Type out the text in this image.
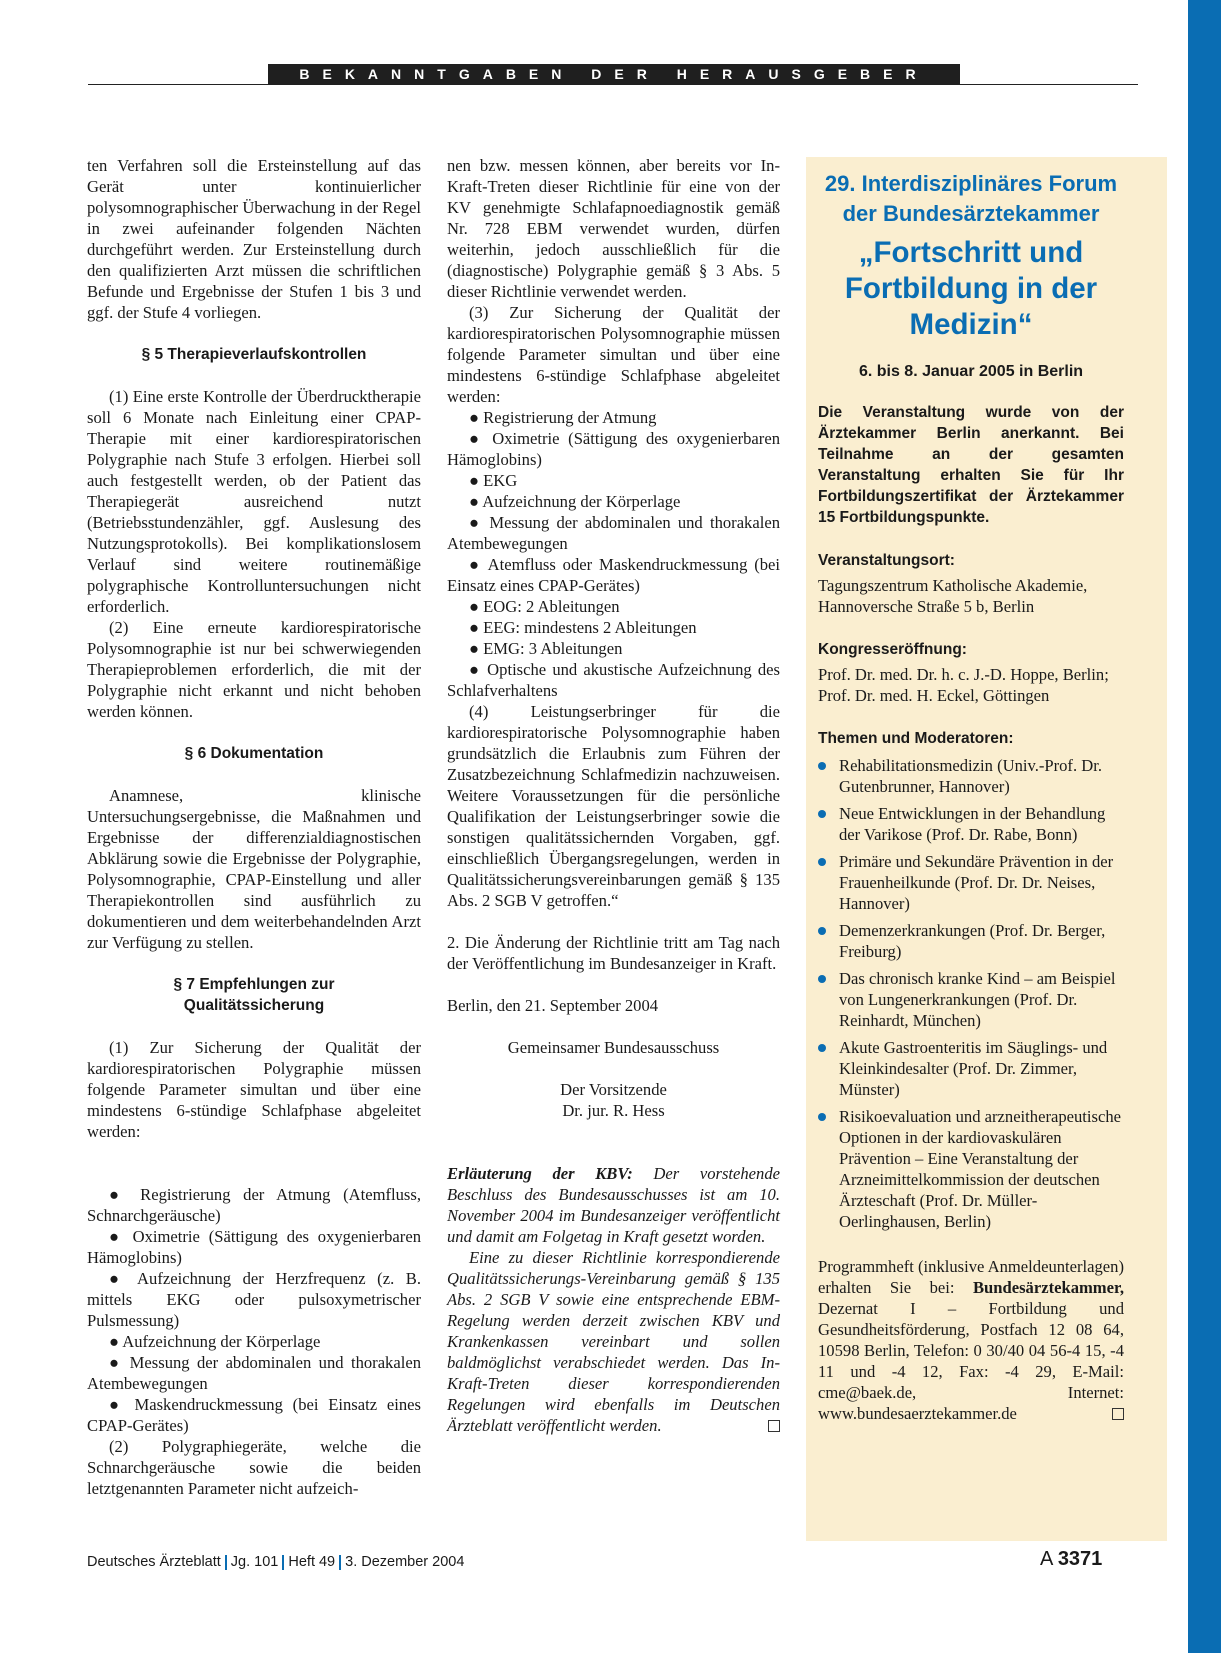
BEKANNTGABEN DER HERAUSGEBER

ten Verfahren soll die Ersteinstellung auf das Gerät unter kontinuierlicher polysomnographischer Überwachung in der Regel in zwei aufeinander folgenden Nächten durchgeführt werden. Zur Ersteinstellung durch den qualifizierten Arzt müssen die schriftlichen Befunde und Ergebnisse der Stufen 1 bis 3 und ggf. der Stufe 4 vorliegen.

§ 5 Therapieverlaufskontrollen

(1) Eine erste Kontrolle der Überdrucktherapie soll 6 Monate nach Einleitung einer CPAP-Therapie mit einer kardiorespiratorischen Polygraphie nach Stufe 3 erfolgen. Hierbei soll auch festgestellt werden, ob der Patient das Therapiegerät ausreichend nutzt (Betriebsstundenzähler, ggf. Auslesung des Nutzungsprotokolls). Bei komplikationslosem Verlauf sind weitere routinemäßige polygraphische Kontrolluntersuchungen nicht erforderlich.

(2) Eine erneute kardiorespiratorische Polysomnographie ist nur bei schwerwiegenden Therapieproblemen erforderlich, die mit der Polygraphie nicht erkannt und nicht behoben werden können.

§ 6 Dokumentation

Anamnese, klinische Untersuchungsergebnisse, die Maßnahmen und Ergebnisse der differenzialdiagnostischen Abklärung sowie die Ergebnisse der Polygraphie, Polysomnographie, CPAP-Einstellung und aller Therapiekontrollen sind ausführlich zu dokumentieren und dem weiterbehandelnden Arzt zur Verfügung zu stellen.

§ 7 Empfehlungen zur
Qualitätssicherung

(1) Zur Sicherung der Qualität der kardiorespiratorischen Polygraphie müssen folgende Parameter simultan und über eine mindestens 6-stündige Schlafphase abgeleitet werden:

● Registrierung der Atmung (Atemfluss, Schnarchgeräusche)

● Oximetrie (Sättigung des oxygenierbaren Hämoglobins)

● Aufzeichnung der Herzfrequenz (z. B. mittels EKG oder pulsoxymetrischer Pulsmessung)

● Aufzeichnung der Körperlage

● Messung der abdominalen und thorakalen Atembewegungen

● Maskendruckmessung (bei Einsatz eines CPAP-Gerätes)

(2) Polygraphiegeräte, welche die Schnarchgeräusche sowie die beiden letztgenannten Parameter nicht aufzeich-

nen bzw. messen können, aber bereits vor In-Kraft-Treten dieser Richtlinie für eine von der KV genehmigte Schlafapnoediagnostik gemäß Nr. 728 EBM verwendet wurden, dürfen weiterhin, jedoch ausschließlich für die (diagnostische) Polygraphie gemäß § 3 Abs. 5 dieser Richtlinie verwendet werden.

(3) Zur Sicherung der Qualität der kardiorespiratorischen Polysomnographie müssen folgende Parameter simultan und über eine mindestens 6-stündige Schlafphase abgeleitet werden:

● Registrierung der Atmung

● Oximetrie (Sättigung des oxygenierbaren Hämoglobins)

● EKG

● Aufzeichnung der Körperlage

● Messung der abdominalen und thorakalen Atembewegungen

● Atemfluss oder Maskendruckmessung (bei Einsatz eines CPAP-Gerätes)

● EOG: 2 Ableitungen

● EEG: mindestens 2 Ableitungen

● EMG: 3 Ableitungen

● Optische und akustische Aufzeichnung des Schlafverhaltens

(4) Leistungserbringer für die kardiorespiratorische Polysomnographie haben grundsätzlich die Erlaubnis zum Führen der Zusatzbezeichnung Schlafmedizin nachzuweisen. Weitere Voraussetzungen für die persönliche Qualifikation der Leistungserbringer sowie die sonstigen qualitätssichernden Vorgaben, ggf. einschließlich Übergangsregelungen, werden in Qualitätssicherungsvereinbarungen gemäß § 135 Abs. 2 SGB V getroffen.“

2. Die Änderung der Richtlinie tritt am Tag nach der Veröffentlichung im Bundesanzeiger in Kraft.

Berlin, den 21. September 2004

Gemeinsamer Bundesausschuss

Der Vorsitzende

Dr. jur. R. Hess

Erläuterung der KBV: Der vorstehende Beschluss des Bundesausschusses ist am 10. November 2004 im Bundesanzeiger veröffentlicht und damit am Folgetag in Kraft gesetzt worden.

Eine zu dieser Richtlinie korrespondierende Qualitätssicherungs-Vereinbarung gemäß § 135 Abs. 2 SGB V sowie eine entsprechende EBM-Regelung werden derzeit zwischen KBV und Krankenkassen vereinbart und sollen baldmöglichst verabschiedet werden. Das In-Kraft-Treten dieser korrespondierenden Regelungen wird ebenfalls im Deutschen Ärzteblatt veröffentlicht werden.

29. Interdisziplinäres Forum der Bundesärztekammer

„Fortschritt und Fortbildung in der Medizin“

6. bis 8. Januar 2005 in Berlin

Die Veranstaltung wurde von der Ärztekammer Berlin anerkannt. Bei Teilnahme an der gesamten Veranstaltung erhalten Sie für Ihr Fortbildungszertifikat der Ärztekammer 15 Fortbildungspunkte.

Veranstaltungsort:

Tagungszentrum Katholische Akademie, Hannoversche Straße 5 b, Berlin

Kongresseröffnung:

Prof. Dr. med. Dr. h. c. J.-D. Hoppe, Berlin;

Prof. Dr. med. H. Eckel, Göttingen

Themen und Moderatoren:

Rehabilitationsmedizin (Univ.-Prof. Dr. Gutenbrunner, Hannover)
Neue Entwicklungen in der Behandlung der Varikose (Prof. Dr. Rabe, Bonn)
Primäre und Sekundäre Prävention in der Frauenheilkunde (Prof. Dr. Dr. Neises, Hannover)
Demenzerkrankungen (Prof. Dr. Berger, Freiburg)
Das chronisch kranke Kind – am Beispiel von Lungenerkrankungen (Prof. Dr. Reinhardt, München)
Akute Gastroenteritis im Säuglings- und Kleinkindesalter (Prof. Dr. Zimmer, Münster)
Risikoevaluation und arzneitherapeutische Optionen in der kardiovaskulären Prävention – Eine Veranstaltung der Arzneimittelkommission der deutschen Ärzteschaft (Prof. Dr. Müller-Oerlinghausen, Berlin)

Programmheft (inklusive Anmeldeunterlagen) erhalten Sie bei: Bundesärztekammer, Dezernat I – Fortbildung und Gesundheitsförderung, Postfach 12 08 64, 10598 Berlin, Telefon: 0 30/40 04 56-4 15, -4 11 und -4 12, Fax: -4 29, E-Mail: cme@baek.de, Internet: www.bundesaerztekammer.de

Deutsches Ärzteblatt Jg. 101 Heft 49 3. Dezember 2004	A 3371
